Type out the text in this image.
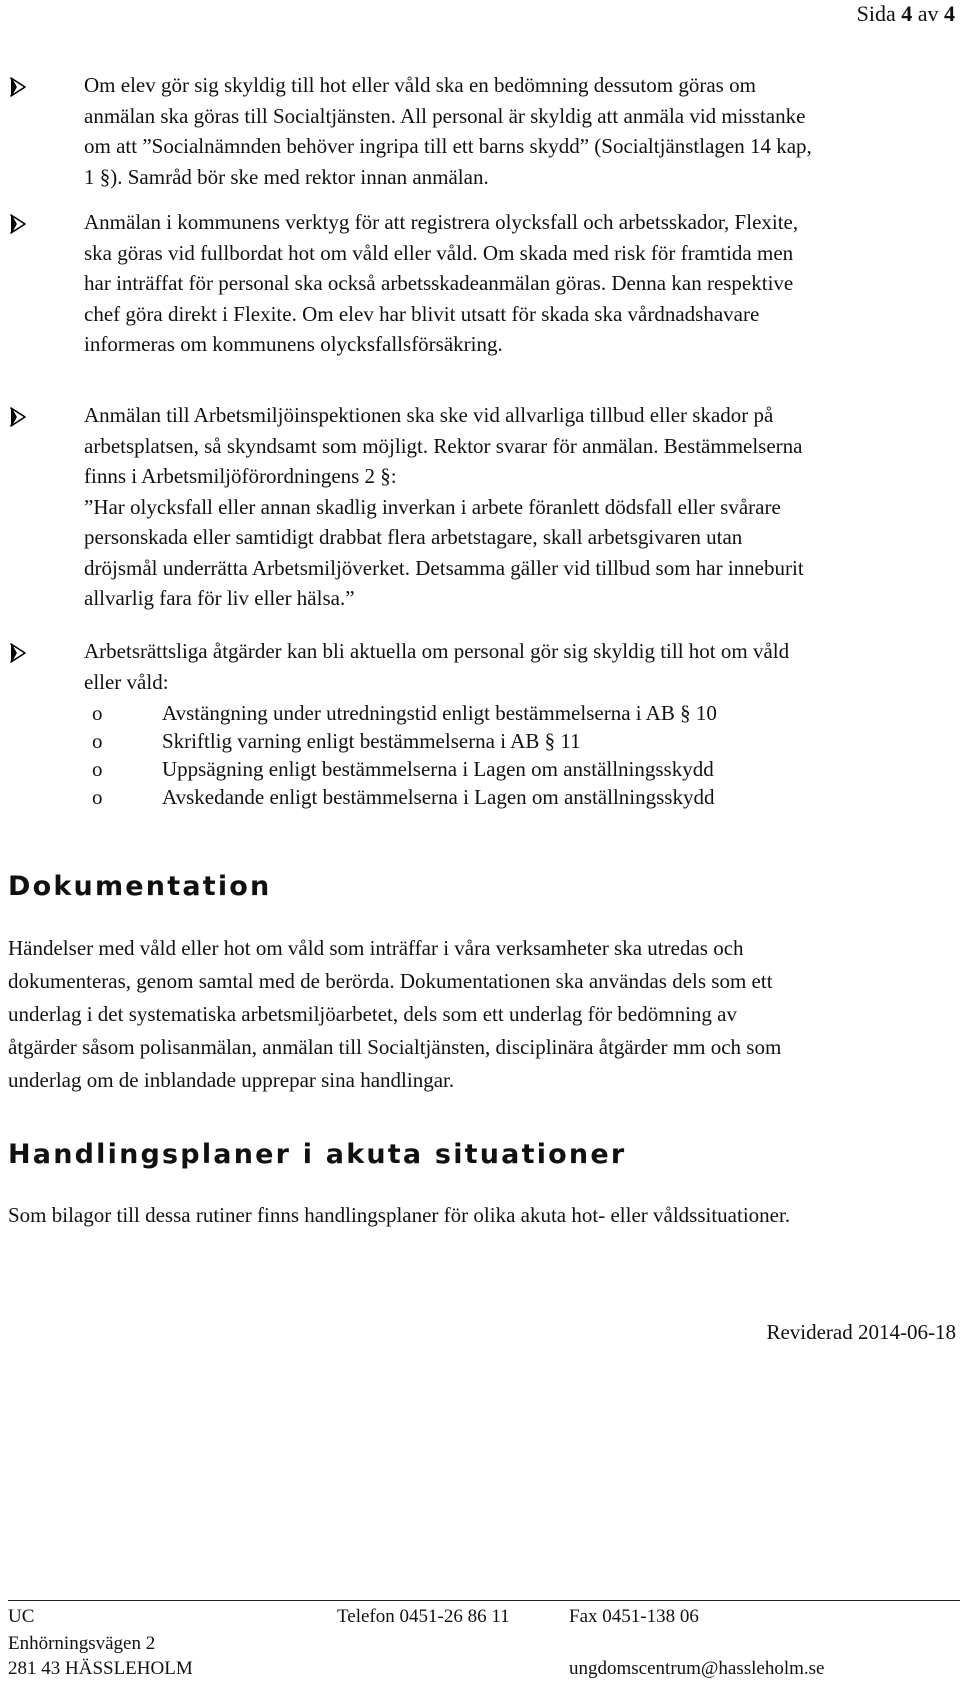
Sida 4 av 4
Om elev gör sig skyldig till hot eller våld ska en bedömning dessutom göras om
anmälan ska göras till Socialtjänsten. All personal är skyldig att anmäla vid misstanke
om att ”Socialnämnden behöver ingripa till ett barns skydd” (Socialtjänstlagen 14 kap,
1 §). Samråd bör ske med rektor innan anmälan.
Anmälan i kommunens verktyg för att registrera olycksfall och arbetsskador, Flexite,
ska göras vid fullbordat hot om våld eller våld. Om skada med risk för framtida men
har inträffat för personal ska också arbetsskadeanmälan göras. Denna kan respektive
chef göra direkt i Flexite. Om elev har blivit utsatt för skada ska vårdnadshavare
informeras om kommunens olycksfallsförsäkring.
Anmälan till Arbetsmiljöinspektionen ska ske vid allvarliga tillbud eller skador på
arbetsplatsen, så skyndsamt som möjligt. Rektor svarar för anmälan. Bestämmelserna
finns i Arbetsmiljöförordningens 2 §:
”Har olycksfall eller annan skadlig inverkan i arbete föranlett dödsfall eller svårare
personskada eller samtidigt drabbat flera arbetstagare, skall arbetsgivaren utan
dröjsmål underrätta Arbetsmiljöverket. Detsamma gäller vid tillbud som har inneburit
allvarlig fara för liv eller hälsa.”
Arbetsrättsliga åtgärder kan bli aktuella om personal gör sig skyldig till hot om våld
eller våld:
o	Avstängning under utredningstid enligt bestämmelserna i AB § 10
o	Skriftlig varning enligt bestämmelserna i AB § 11
o	Uppsägning enligt bestämmelserna i Lagen om anställningsskydd
o	Avskedande enligt bestämmelserna i Lagen om anställningsskydd
Dokumentation
Händelser med våld eller hot om våld som inträffar i våra verksamheter ska utredas och
dokumenteras, genom samtal med de berörda. Dokumentationen ska användas dels som ett
underlag i det systematiska arbetsmiljöarbetet, dels som ett underlag för bedömning av
åtgärder såsom polisanmälan, anmälan till Socialtjänsten, disciplinära åtgärder mm och som
underlag om de inblandade upprepar sina handlingar.
Handlingsplaner i akuta situationer
Som bilagor till dessa rutiner finns handlingsplaner för olika akuta hot- eller våldssituationer.
Reviderad 2014-06-18
UC	Telefon 0451-26 86 11	Fax 0451-138 06
Enhörningsvägen 2
281 43 HÄSSLEHOLM	ungdomscentrum@hassleholm.se
